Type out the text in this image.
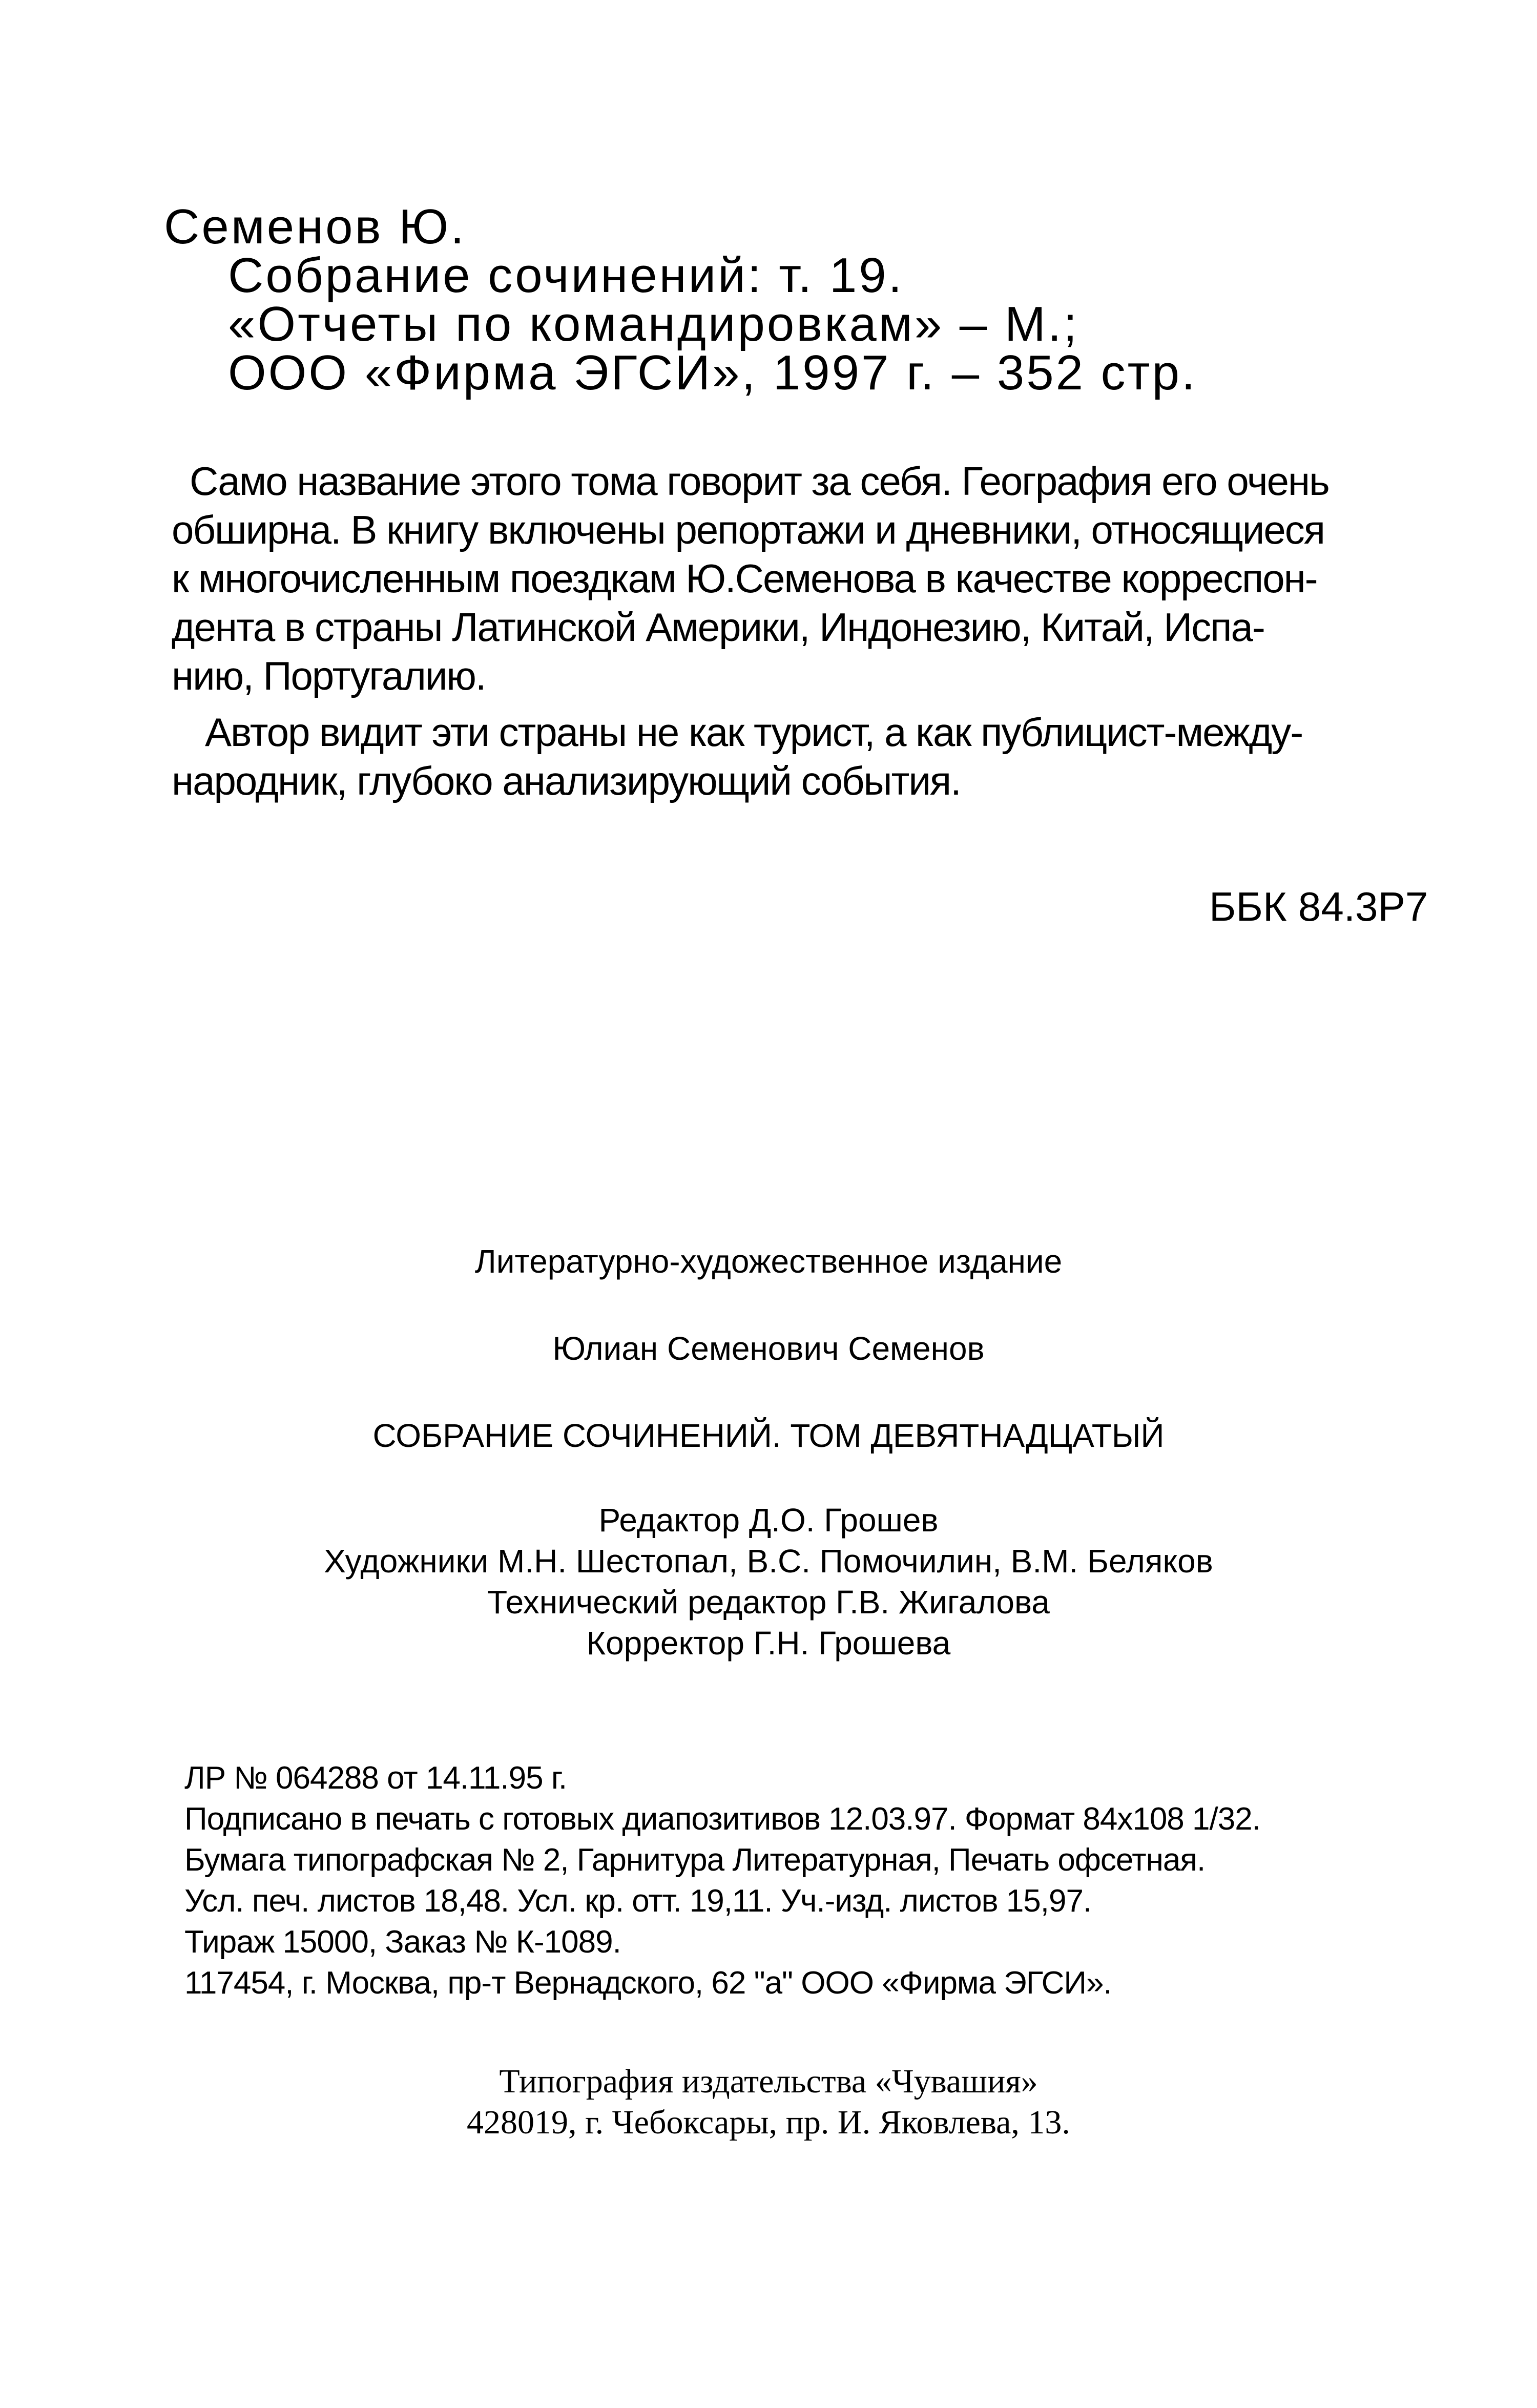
Семенов Ю.
Собрание сочинений: т. 19.
«Отчеты по командировкам» – М.;
ООО «Фирма ЭГСИ», 1997 г. – 352 стр.
Само название этого тома говорит за себя. География его очень
обширна. В книгу включены репортажи и дневники, относящиеся
к многочисленным поездкам Ю.Семенова в качестве корреспон-
дента в страны Латинской Америки, Индонезию, Китай, Испа-
нию, Португалию.
Автор видит эти страны не как турист, а как публицист-между-
народник, глубоко анализирующий события.
ББК 84.3Р7
Литературно-художественное издание
Юлиан Семенович Семенов
СОБРАНИЕ СОЧИНЕНИЙ. ТОМ ДЕВЯТНАДЦАТЫЙ
Редактор Д.О. Грошев
Художники М.Н. Шестопал, В.С. Помочилин, В.М. Беляков
Технический редактор Г.В. Жигалова
Корректор Г.Н. Грошева
ЛР № 064288 от 14.11.95 г.
Подписано в печать с готовых диапозитивов 12.03.97. Формат 84х108 1/32.
Бумага типографская № 2, Гарнитура Литературная, Печать офсетная.
Усл. печ. листов 18,48. Усл. кр. отт. 19,11. Уч.-изд. листов 15,97.
Тираж 15000, Заказ № К-1089.
117454, г. Москва, пр-т Вернадского, 62 "а" ООО «Фирма ЭГСИ».
Типография издательства «Чувашия»
428019, г. Чебоксары, пр. И. Яковлева, 13.
